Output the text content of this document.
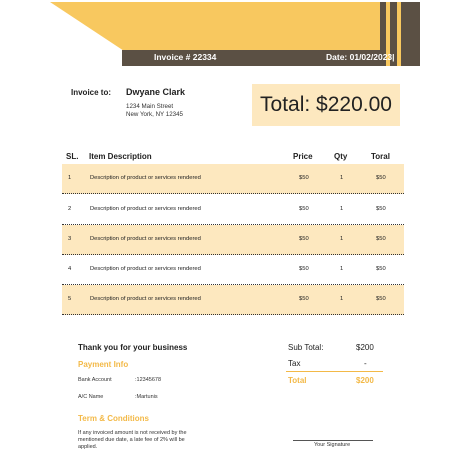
Invoice # 22334	Date: 01/02/2023|
Invoice to: Dwyane Clark
1234 Main Street
New York, NY 12345	Total: $220.00
SL. Item Description	Price	Qty	Toral
1	Description of product or services rendered	$50	1	$50
2	Description of product or services rendered	$50	1	$50
3	Description of product or services rendered	$50	1	$50
4	Description of product or services rendered	$50	1	$50
5	Description of product or services rendered	$50	1	$50
Thank you for your business
Payment Info
Bank Account	:12345678
A/C Name	:Martunis
Term & Conditions
If any invoiced amount is not received by the
mentioned due date, a late fee of 2% will be
applied.
Sub Total:	$200
Tax	-
Total	$200
Your Signature
